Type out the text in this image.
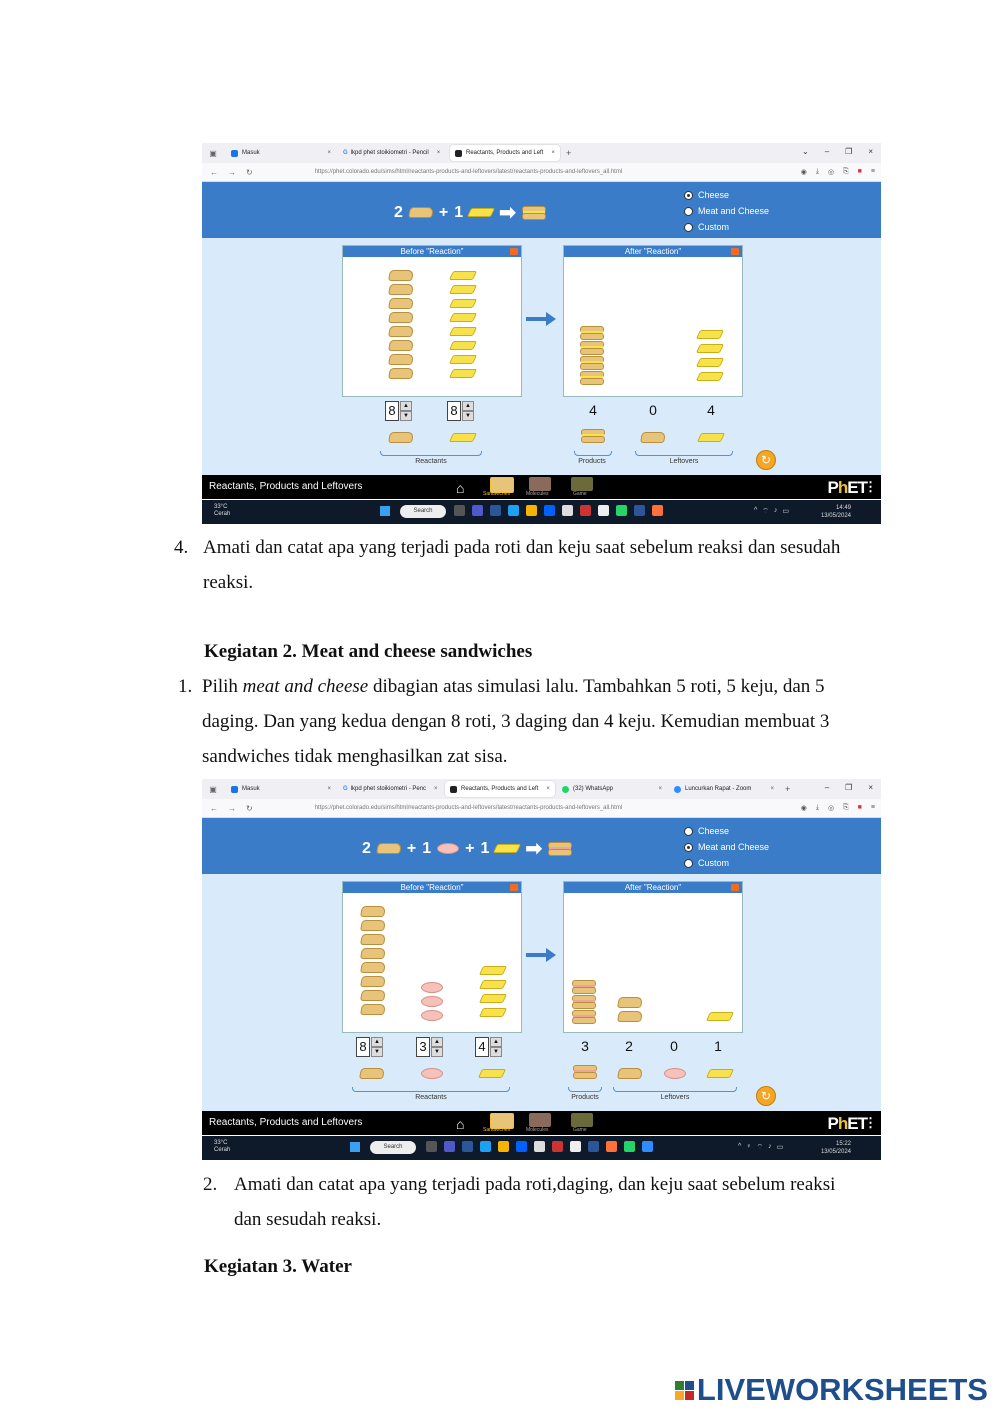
▣	Masuk	× G lkpd phet stoikiometri - Pencil ×	Reactants, Products and Left × +	⌄ – ❐ ×
← → ↻	https://phet.colorado.edu/sims/html/reactants-products-and-leftovers/latest/reactants-products-and-leftovers_all.html	◉ ⤓ ◎ ⎘ ■ ≡
2 + 1 ➡
Cheese
Meat and Cheese
Custom
Before "Reaction"	After "Reaction"
8	▲
▼	8	▲
▼	4	0	4
Reactants	Products	Leftovers	↻
Reactants, Products and Leftovers	⌂	Sandwiches	Molecules	Game	PhET
⋮
33°C
Cerah	Search	^ ⌔ ♪ ▭	14:49
13/05/2024
4. Amati dan catat apa yang terjadi pada roti dan keju saat sebelum reaksi dan sesudah
reaksi.
Kegiatan 2. Meat and cheese sandwiches
1. Pilih meat and cheese dibagian atas simulasi lalu. Tambahkan 5 roti, 5 keju, dan 5
daging. Dan yang kedua dengan 8 roti, 3 daging dan 4 keju. Kemudian membuat 3
sandwiches tidak menghasilkan zat sisa.
▣	Masuk	× G lkpd phet stoikiometri - Penc ×	Reactants, Products and Left ×	(32) WhatsApp	×	Luncurkan Rapat - Zoom	× +	– ❐ ×
← → ↻	https://phet.colorado.edu/sims/html/reactants-products-and-leftovers/latest/reactants-products-and-leftovers_all.html	◉ ⤓ ◎ ⎘ ■ ≡
2 + 1 + 1 ➡
Cheese
Meat and Cheese
Custom
Before "Reaction"	After "Reaction"
8	▲
▼	3	▲
▼	4	▲
▼	3	2	0	1
Reactants	Products	Leftovers	↻
Reactants, Products and Leftovers	⌂	Sandwiches	Molecules	Game	PhET
⋮
33°C
Cerah	Search	^ ♀ ⌔ ♪ ▭	15:22
13/05/2024
2. Amati dan catat apa yang terjadi pada roti,daging, dan keju saat sebelum reaksi
dan sesudah reaksi.
Kegiatan 3. Water
LIVEWORKSHEETS
